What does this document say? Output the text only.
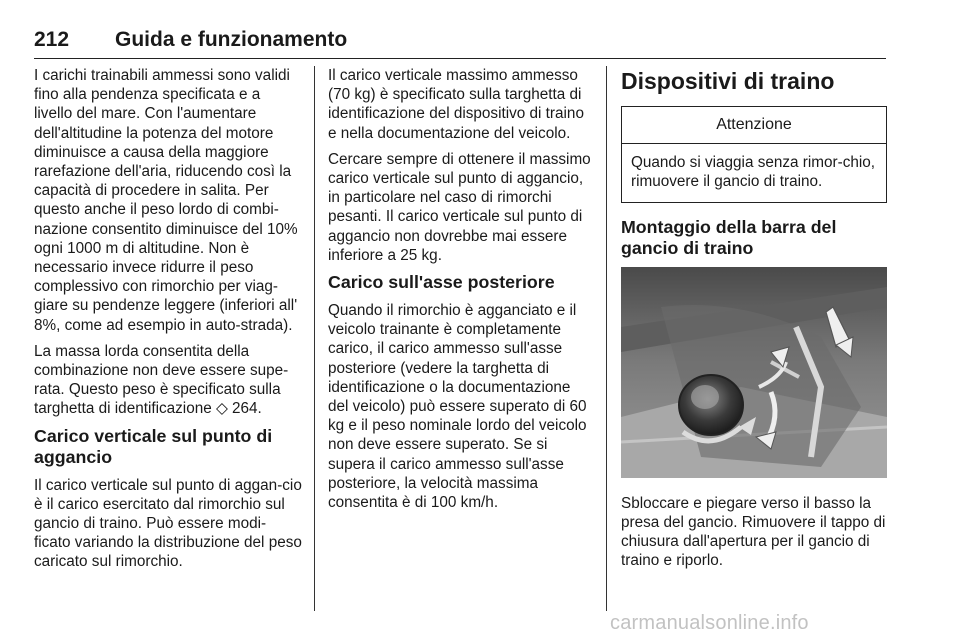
212 Guida e funzionamento

I carichi trainabili ammessi sono validi fino alla pendenza specificata e a livello del mare. Con l'aumentare dell'altitudine la potenza del motore diminuisce a causa della maggiore rarefazione dell'aria, riducendo così la capacità di procedere in salita. Per questo anche il peso lordo di combi-nazione consentito diminuisce del 10% ogni 1000 m di altitudine. Non è necessario invece ridurre il peso complessivo con rimorchio per viag-giare su pendenze leggere (inferiori all' 8%, come ad esempio in auto-strada).

La massa lorda consentita della combinazione non deve essere supe-rata. Questo peso è specificato sulla targhetta di identificazione ◇ 264.

Carico verticale sul punto di aggancio

Il carico verticale sul punto di aggan-cio è il carico esercitato dal rimorchio sul gancio di traino. Può essere modi-ficato variando la distribuzione del peso caricato sul rimorchio.

Il carico verticale massimo ammesso (70 kg) è specificato sulla targhetta di identificazione del dispositivo di traino e nella documentazione del veicolo.

Cercare sempre di ottenere il massimo carico verticale sul punto di aggancio, in particolare nel caso di rimorchi pesanti. Il carico verticale sul punto di aggancio non dovrebbe mai essere inferiore a 25 kg.

Carico sull'asse posteriore

Quando il rimorchio è agganciato e il veicolo trainante è completamente carico, il carico ammesso sull'asse posteriore (vedere la targhetta di identificazione o la documentazione del veicolo) può essere superato di 60 kg e il peso nominale lordo del veicolo non deve essere superato. Se si supera il carico ammesso sull'asse posteriore, la velocità massima consentita è di 100 km/h.

Dispositivi di traino
Attenzione
Quando si viaggia senza rimor-chio, rimuovere il gancio di traino.
Montaggio della barra del gancio di traino

Sbloccare e piegare verso il basso la presa del gancio. Rimuovere il tappo di chiusura dall'apertura per il gancio di traino e riporlo.

carmanualsonline.info
